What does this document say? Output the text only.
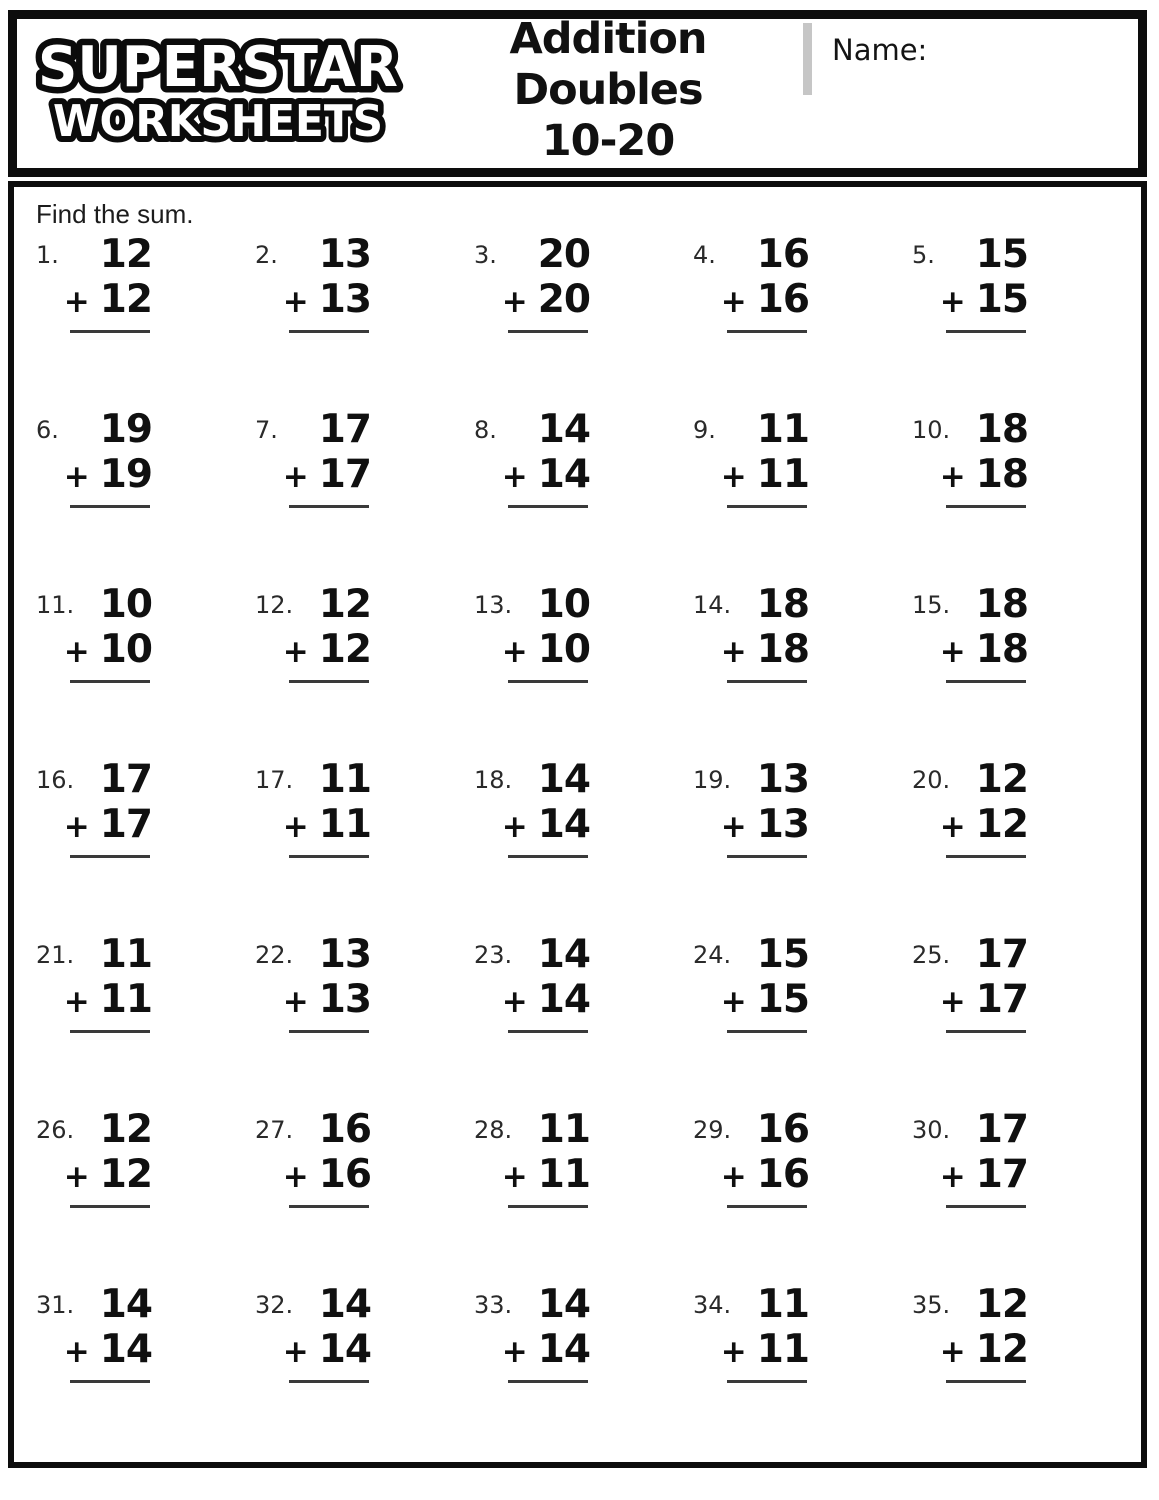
SUPERSTAR
WORKSHEETS
Addition Doubles
10-20
Name:

Find the sum.

1.	12
+ 12
2.	13
+ 13
3.	20
+ 20
4.	16
+ 16
5.	15
+ 15
6.	19
+ 19
7.	17
+ 17
8.	14
+ 14
9.	11
+ 11
10. 18
+ 18
11. 10
+ 10
12. 12
+ 12
13. 10
+ 10
14. 18
+ 18
15. 18
+ 18
16. 17
+ 17
17. 11
+ 11
18. 14
+ 14
19. 13
+ 13
20. 12
+ 12
21. 11
+ 11
22. 13
+ 13
23. 14
+ 14
24. 15
+ 15
25. 17
+ 17
26. 12
+ 12
27. 16
+ 16
28. 11
+ 11
29. 16
+ 16
30. 17
+ 17
31. 14
+ 14
32. 14
+ 14
33. 14
+ 14
34. 11
+ 11
35. 12
+ 12
